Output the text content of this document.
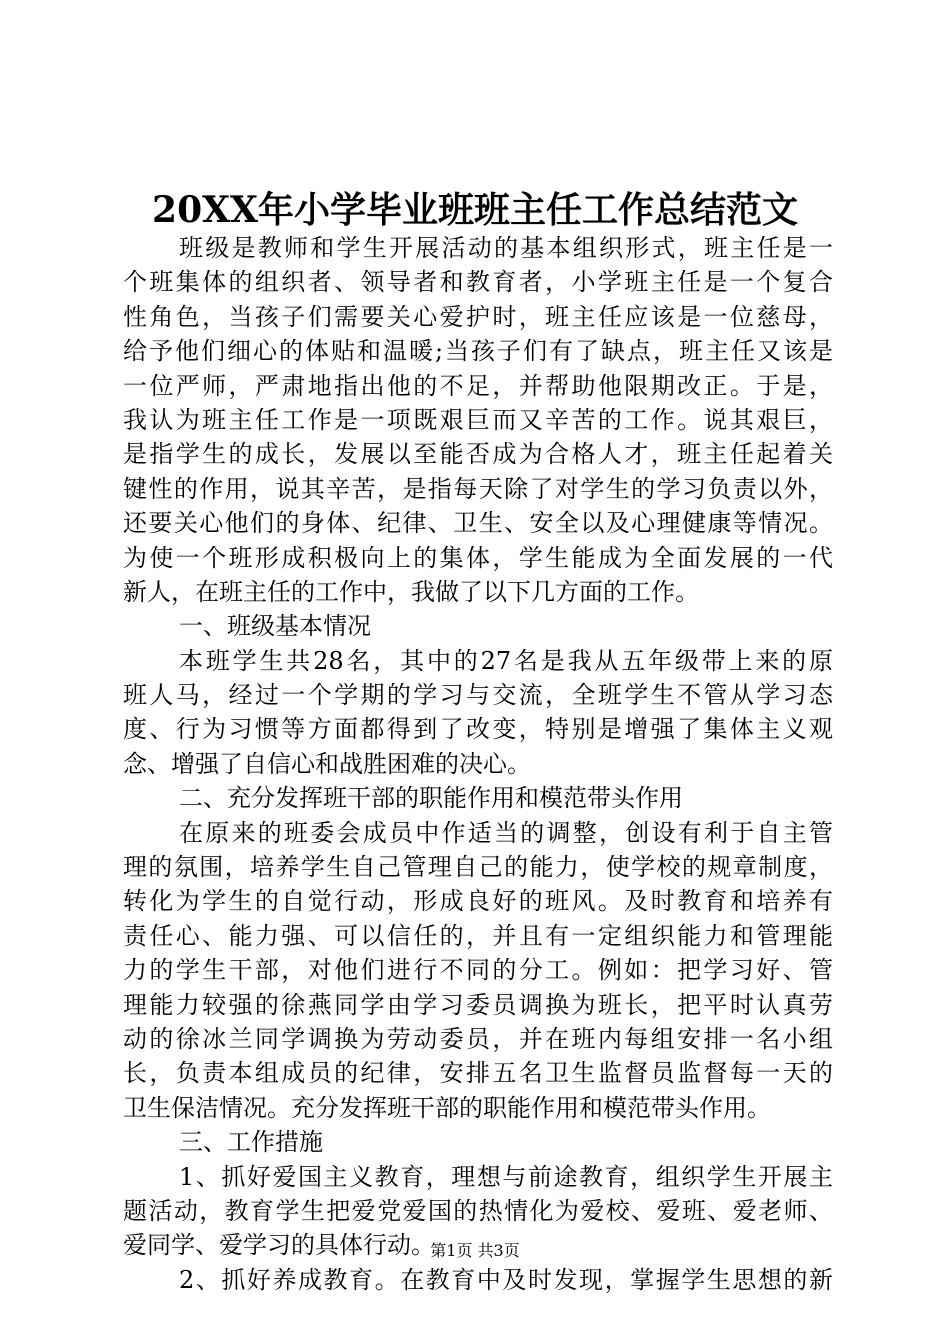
20XX年小学毕业班班主任工作总结范文
班级是教师和学生开展活动的基本组织形式，班主任是一
个班集体的组织者、领导者和教育者，小学班主任是一个复合
性角色，当孩子们需要关心爱护时，班主任应该是一位慈母，
给予他们细心的体贴和温暖;当孩子们有了缺点，班主任又该是
一位严师，严肃地指出他的不足，并帮助他限期改正。于是，
我认为班主任工作是一项既艰巨而又辛苦的工作。说其艰巨，
是指学生的成长，发展以至能否成为合格人才，班主任起着关
键性的作用，说其辛苦，是指每天除了对学生的学习负责以外，
还要关心他们的身体、纪律、卫生、安全以及心理健康等情况。
为使一个班形成积极向上的集体，学生能成为全面发展的一代
新人，在班主任的工作中，我做了以下几方面的工作。
一、班级基本情况
本班学生共28名，其中的27名是我从五年级带上来的原
班人马，经过一个学期的学习与交流，全班学生不管从学习态
度、行为习惯等方面都得到了改变，特别是增强了集体主义观
念、增强了自信心和战胜困难的决心。
二、充分发挥班干部的职能作用和模范带头作用
在原来的班委会成员中作适当的调整，创设有利于自主管
理的氛围，培养学生自己管理自己的能力，使学校的规章制度，
转化为学生的自觉行动，形成良好的班风。及时教育和培养有
责任心、能力强、可以信任的，并且有一定组织能力和管理能
力的学生干部，对他们进行不同的分工。例如：把学习好、管
理能力较强的徐燕同学由学习委员调换为班长，把平时认真劳
动的徐冰兰同学调换为劳动委员，并在班内每组安排一名小组
长，负责本组成员的纪律，安排五名卫生监督员监督每一天的
卫生保洁情况。充分发挥班干部的职能作用和模范带头作用。
三、工作措施
1、抓好爱国主义教育，理想与前途教育，组织学生开展主
题活动，教育学生把爱党爱国的热情化为爱校、爱班、爱老师、
爱同学、爱学习的具体行动。
2、抓好养成教育。在教育中及时发现，掌握学生思想的新
第1页 共3页
